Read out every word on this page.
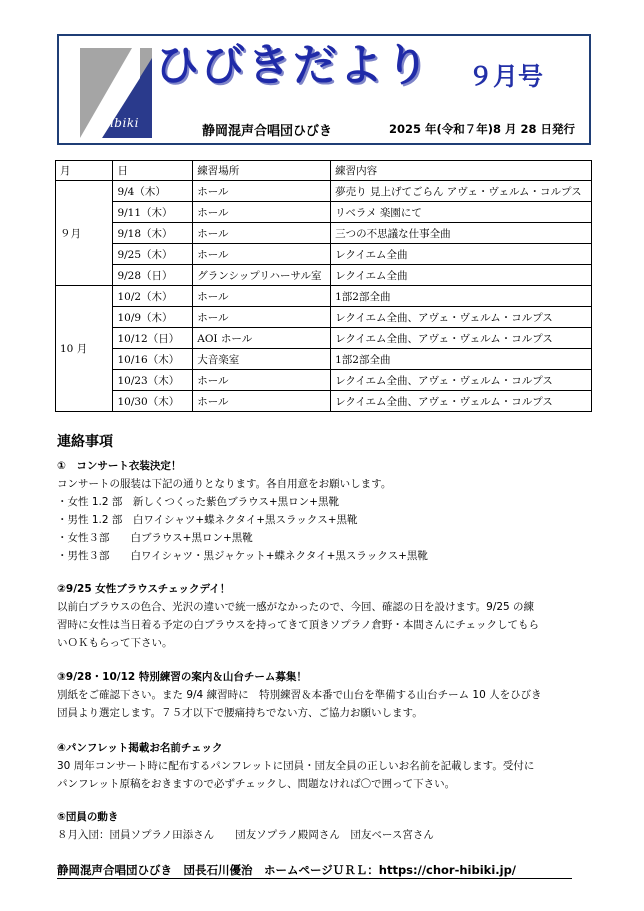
Hibiki
ひびきだより ９月号
静岡混声合唱団ひびき	2025 年(令和７年)8 月 28 日発行
月	日	練習場所	練習内容
９月	9/4（木）	ホール	夢売り 見上げてごらん アヴェ・ヴェルム・コルプス
	9/11（木）	ホール	リベラメ 楽園にて
	9/18（木）	ホール	三つの不思議な仕事全曲
	9/25（木）	ホール	レクイエム全曲
	9/28（日）	グランシップリハーサル室	レクイエム全曲
10 月	10/2（木）	ホール	1部2部全曲
	10/9（木）	ホール	レクイエム全曲、アヴェ・ヴェルム・コルプス
	10/12（日）	AOI ホール	レクイエム全曲、アヴェ・ヴェルム・コルプス
	10/16（木）	大音楽室	1部2部全曲
	10/23（木）	ホール	レクイエム全曲、アヴェ・ヴェルム・コルプス
	10/30（木）	ホール	レクイエム全曲、アヴェ・ヴェルム・コルプス
連絡事項
①　コンサート衣装決定！
コンサートの服装は下記の通りとなります。各自用意をお願いします。
・女性 1.2 部　新しくつくった紫色ブラウス+黒ロン+黒靴
・男性 1.2 部　白ワイシャツ+蝶ネクタイ+黒スラックス+黒靴
・女性３部　　白ブラウス+黒ロン+黒靴
・男性３部　　白ワイシャツ・黒ジャケット+蝶ネクタイ+黒スラックス+黒靴
②9/25 女性ブラウスチェックデイ！
以前白ブラウスの色合、光沢の違いで統一感がなかったので、今回、確認の日を設けます。9/25 の練
習時に女性は当日着る予定の白ブラウスを持ってきて頂きソプラノ倉野・本間さんにチェックしてもら
いＯＫもらって下さい。
③9/28・10/12 特別練習の案内＆山台チーム募集！
別紙をご確認下さい。また 9/4 練習時に　特別練習＆本番で山台を準備する山台チーム 10 人をひびき
団員より選定します。７５才以下で腰痛持ちでない方、ご協力お願いします。
④パンフレット掲載お名前チェック
30 周年コンサート時に配布するパンフレットに団員・団友全員の正しいお名前を記載します。受付に
パンフレット原稿をおきますので必ずチェックし、問題なければ〇で囲って下さい。
⑤団員の動き
８月入団：団員ソプラノ田添さん　　団友ソプラノ殿岡さん　団友ベース宮さん
静岡混声合唱団ひびき　団長石川優治　ホームページＵＲＬ：https://chor-hibiki.jp/
